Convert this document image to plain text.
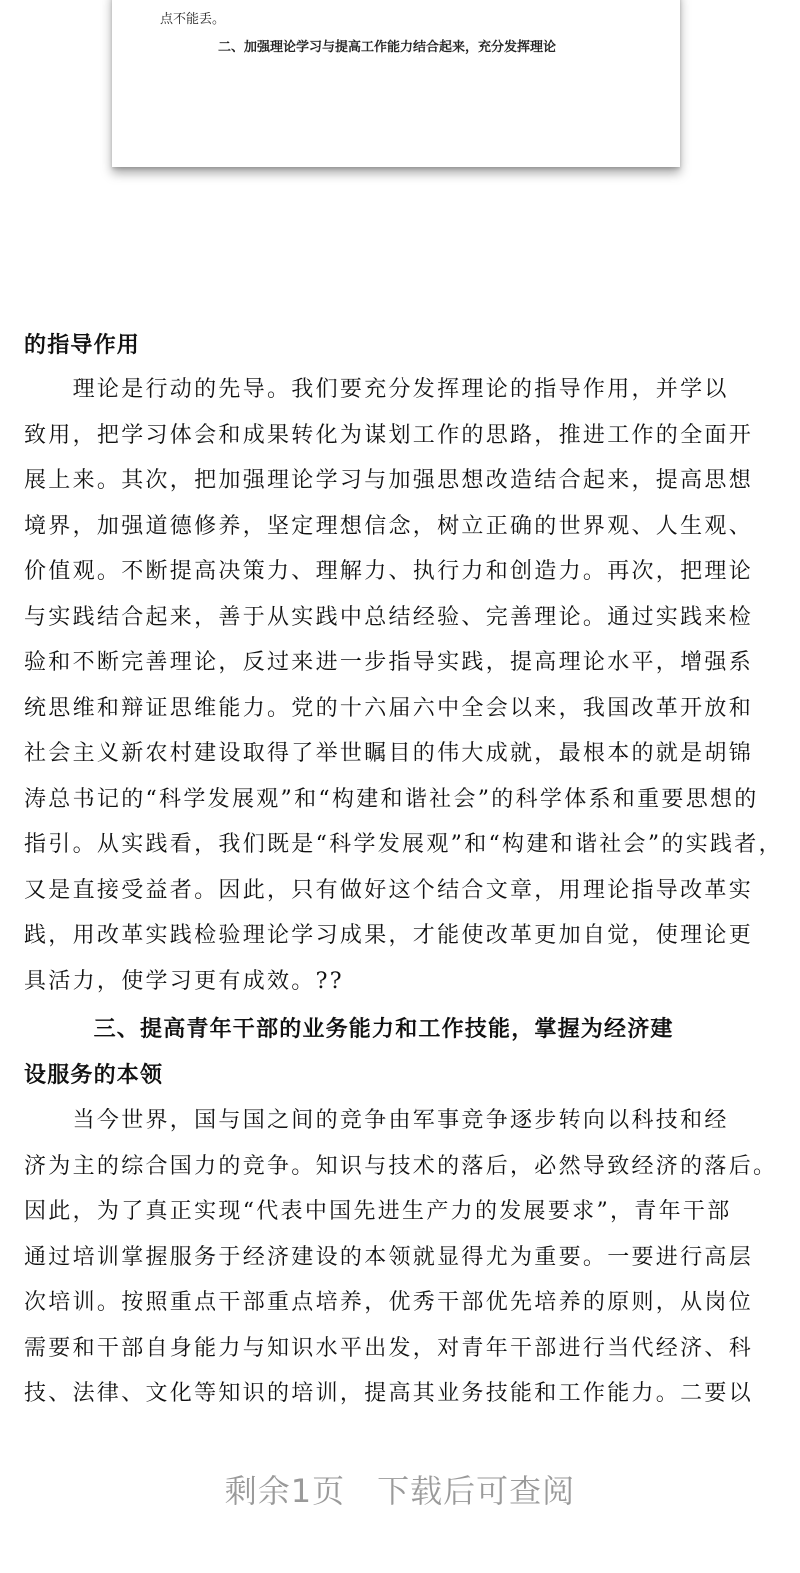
点不能丢。
二、加强理论学习与提高工作能力结合起来，充分发挥理论
的指导作用
　　理论是行动的先导。我们要充分发挥理论的指导作用，并学以
致用，把学习体会和成果转化为谋划工作的思路，推进工作的全面开
展上来。其次，把加强理论学习与加强思想改造结合起来，提高思想
境界，加强道德修养，坚定理想信念，树立正确的世界观、人生观、
价值观。不断提高决策力、理解力、执行力和创造力。再次，把理论
与实践结合起来，善于从实践中总结经验、完善理论。通过实践来检
验和不断完善理论，反过来进一步指导实践，提高理论水平，增强系
统思维和辩证思维能力。党的十六届六中全会以来，我国改革开放和
社会主义新农村建设取得了举世瞩目的伟大成就，最根本的就是胡锦
涛总书记的“科学发展观”和“构建和谐社会”的科学体系和重要思想的
指引。从实践看，我们既是“科学发展观”和“构建和谐社会”的实践者，
又是直接受益者。因此，只有做好这个结合文章，用理论指导改革实
践，用改革实践检验理论学习成果，才能使改革更加自觉，使理论更
具活力，使学习更有成效。??
　　　三、提高青年干部的业务能力和工作技能，掌握为经济建
设服务的本领
　　当今世界，国与国之间的竞争由军事竞争逐步转向以科技和经
济为主的综合国力的竞争。知识与技术的落后，必然导致经济的落后。
因此，为了真正实现“代表中国先进生产力的发展要求”，青年干部
通过培训掌握服务于经济建设的本领就显得尤为重要。一要进行高层
次培训。按照重点干部重点培养，优秀干部优先培养的原则，从岗位
需要和干部自身能力与知识水平出发，对青年干部进行当代经济、科
技、法律、文化等知识的培训，提高其业务技能和工作能力。二要以
剩余1页 下载后可查阅
